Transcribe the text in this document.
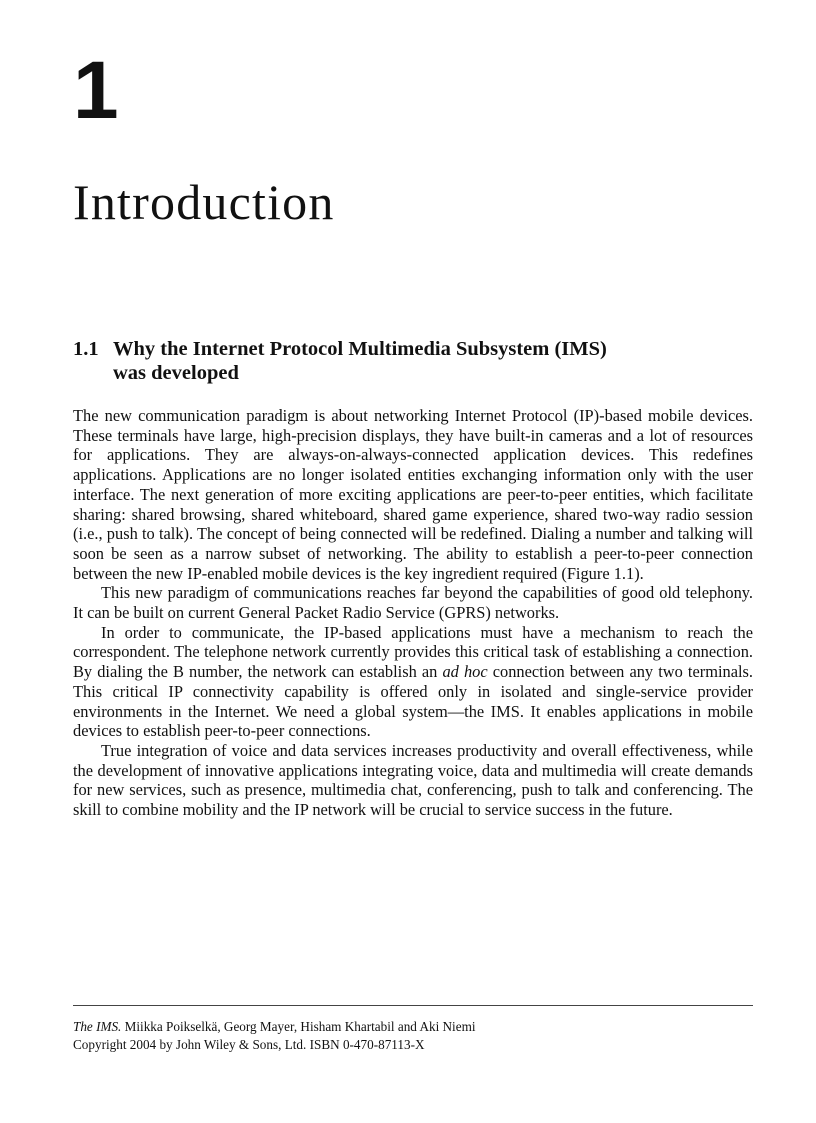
1
Introduction
1.1 Why the Internet Protocol Multimedia Subsystem (IMS)
was developed

The new communication paradigm is about networking Internet Protocol (IP)-based mobile devices. These terminals have large, high-precision displays, they have built-in cameras and a lot of resources for applications. They are always-on-always-connected application devices. This redefines applications. Applications are no longer isolated entities exchanging information only with the user interface. The next generation of more exciting applications are peer-to-peer entities, which facilitate sharing: shared browsing, shared whiteboard, shared game experience, shared two-way radio session (i.e., push to talk). The concept of being connected will be redefined. Dialing a number and talking will soon be seen as a narrow subset of networking. The ability to establish a peer-to-peer connection between the new IP-enabled mobile devices is the key ingredient required (Figure 1.1).

This new paradigm of communications reaches far beyond the capabilities of good old telephony. It can be built on current General Packet Radio Service (GPRS) networks.

In order to communicate, the IP-based applications must have a mechanism to reach the correspondent. The telephone network currently provides this critical task of establishing a connection. By dialing the B number, the network can establish an ad hoc connection between any two terminals. This critical IP connectivity capability is offered only in isolated and single-service provider environments in the Internet. We need a global system—the IMS. It enables applications in mobile devices to establish peer-to-peer connections.

True integration of voice and data services increases productivity and overall effectiveness, while the development of innovative applications integrating voice, data and multimedia will create demands for new services, such as presence, multimedia chat, conferencing, push to talk and conferencing. The skill to combine mobility and the IP network will be crucial to service success in the future.

The IMS. Miikka Poikselkä, Georg Mayer, Hisham Khartabil and Aki Niemi
Copyright 2004 by John Wiley & Sons, Ltd. ISBN 0-470-87113-X
